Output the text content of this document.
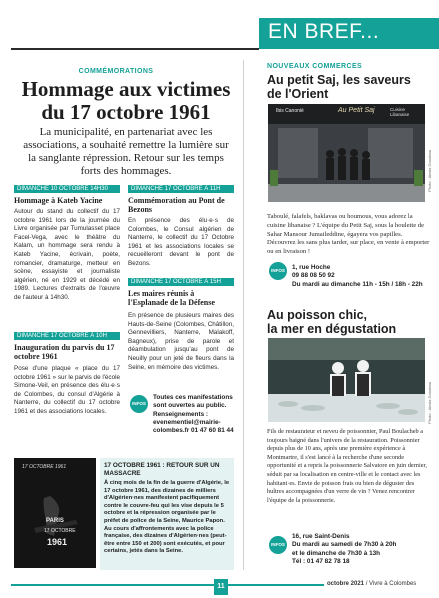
EN BREF...
COMMÉMORATIONS
Hommage aux victimes
du 17 octobre 1961
La municipalité, en partenariat avec les associations, a souhaité remettre la lumière sur la sanglante répression. Retour sur les temps forts des hommages.
DIMANCHE 10 OCTOBRE 14H30
Hommage à Kateb Yacine
Autour du stand du collectif du 17 octobre 1961 lors de la journée du Livre organisée par Tumulasset place Facel-Vega, avec le théâtre du Kalam, un hommage sera rendu à Kateb Yacine, écrivain, poète, romancier, dramaturge, metteur en scène, essayiste et journaliste algérien, né en 1929 et décédé en 1989. Lectures d'extraits de l'œuvre de l'auteur à 14h30.
DIMANCHE 17 OCTOBRE À 10H
Inauguration du parvis du 17 octobre 1961
Pose d'une plaque « place du 17 octobre 1961 » sur le parvis de l'école Simone-Veil, en présence des élu·e·s de Colombes, du consul d'Algérie à Nanterre, du collectif du 17 octobre 1961 et des associations locales.
DIMANCHE 17 OCTOBRE À 11H
Commémoration au Pont de Bezons
En présence des élu·e·s de Colombes, le Consul algérien de Nanterre, le collectif du 17 Octobre 1961 et les associations locales se recueilleront devant le pont de Bezons.
DIMANCHE 17 OCTOBRE À 15H
Les maires réunis à l'Esplanade de la Défense
En présence de plusieurs maires des Hauts-de-Seine (Colombes, Châtillon, Gennevilliers, Nanterre, Malakoff, Bagneux), prise de parole et déambulation jusqu'au pont de Neuilly pour un jeté de fleurs dans la Seine, en mémoire des victimes.
INFOS
Toutes ces manifestations sont ouvertes au public. Renseignements : evenementiel@mairie-colombes.fr 01 47 60 81 44
17 OCTOBRE 1961
PARIS
17 OCTOBRE
1961
17 OCTOBRE 1961 : RETOUR SUR UN MASSACRE
À cinq mois de la fin de la guerre d'Algérie, le 17 octobre 1961, des dizaines de milliers d'Algérien·nes manifestent pacifiquement contre le couvre-feu qui les vise depuis le 5 octobre et la répression organisée par le préfet de police de la Seine, Maurice Papon. Au cours d'affrontements avec la police française, des dizaines d'Algérien·nes (peut-être entre 150 et 200) sont exécutés, et pour certains, jetés dans la Seine.
NOUVEAUX COMMERCES
Au petit Saj, les saveurs
de l'Orient
Ibis Canoniè	Au Petit Saj	Cuisine
Libanaise
Photo : Alexis Goudeau
Taboulé, falafels, baklavas ou houmous, vous adorez la cuisine libanaise ? L'équipe du Petit Saj, sous la houlette de Sahar Mansour Jumaileddine, égayera vos papilles. Découvrez les sans plus tarder, sur place, en vente à emporter ou en livraison !
INFOS	1, rue Hoche
09 88 08 50 92
Du mardi au dimanche 11h - 15h / 18h - 22h
Au poisson chic,
la mer en dégustation
Photo : Alexis Goudeau
Fils de restaurateur et neveu de poissonnier, Paul Boulacheb a toujours baigné dans l'univers de la restauration. Poissonnier depuis plus de 10 ans, après une première expérience à Montmartre, il s'est lancé à la recherche d'une seconde opportunité et a repris la poissonnerie Salvatore en juin dernier, séduit par sa localisation en centre-ville et le contact avec les habitant·es. Envie de poisson frais ou bien de déguster des huîtres accompagnées d'un verre de vin ? Venez rencontrer l'équipe de la poissonnerie.
INFOS
16, rue Saint-Denis
Du mardi au samedi de 7h30 à 20h
et le dimanche de 7h30 à 13h
Tél : 01 47 82 78 18
11	octobre 2021 / Vivre à Colombes
